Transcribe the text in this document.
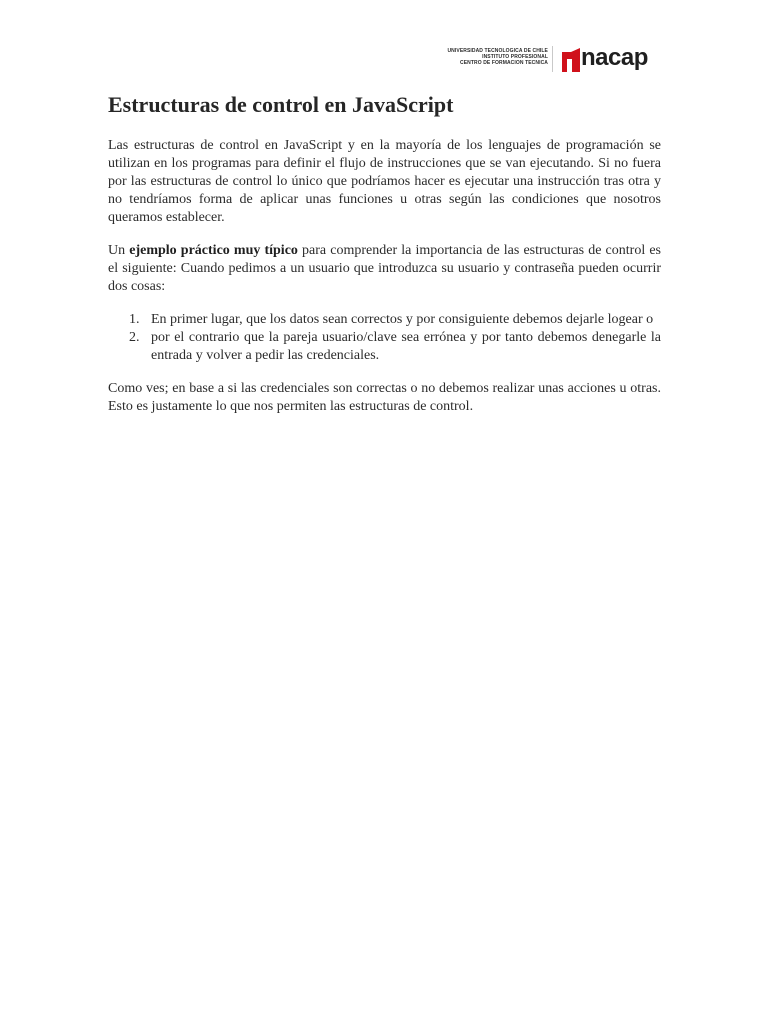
UNIVERSIDAD TECNOLOGICA DE CHILE
INSTITUTO PROFESIONAL
CENTRO DE FORMACION TECNICA nacap
Estructuras de control en JavaScript

Las estructuras de control en JavaScript y en la mayoría de los lenguajes de programación se utilizan en los programas para definir el flujo de instrucciones que se van ejecutando. Si no fuera por las estructuras de control lo único que podríamos hacer es ejecutar una instrucción tras otra y no tendríamos forma de aplicar unas funciones u otras según las condiciones que nosotros queramos establecer.

Un ejemplo práctico muy típico para comprender la importancia de las estructuras de control es el siguiente: Cuando pedimos a un usuario que introduzca su usuario y contraseña pueden ocurrir dos cosas:

1. En primer lugar, que los datos sean correctos y por consiguiente debemos dejarle logear o
2. por el contrario que la pareja usuario/clave sea errónea y por tanto debemos denegarle la entrada y volver a pedir las credenciales.

Como ves; en base a si las credenciales son correctas o no debemos realizar unas acciones u otras. Esto es justamente lo que nos permiten las estructuras de control.
